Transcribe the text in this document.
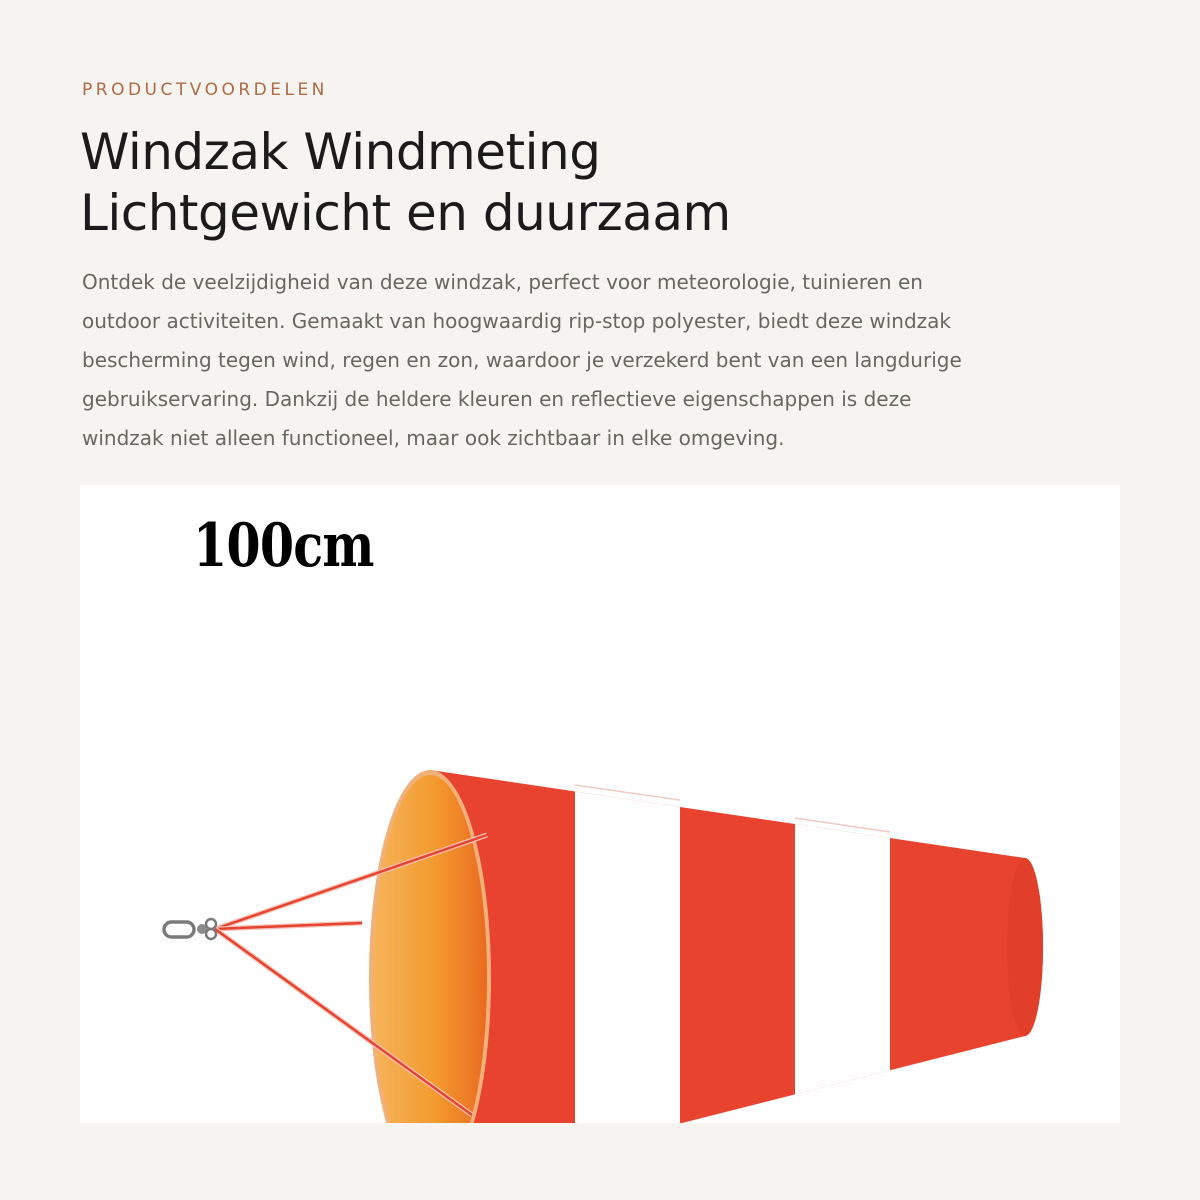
PRODUCTVOORDELEN
Windzak Windmeting
Lichtgewicht en duurzaam

Ontdek de veelzijdigheid van deze windzak, perfect voor meteorologie, tuinieren en
outdoor activiteiten. Gemaakt van hoogwaardig rip-stop polyester, biedt deze windzak
bescherming tegen wind, regen en zon, waardoor je verzekerd bent van een langdurige
gebruikservaring. Dankzij de heldere kleuren en reflectieve eigenschappen is deze
windzak niet alleen functioneel, maar ook zichtbaar in elke omgeving.

100cm
